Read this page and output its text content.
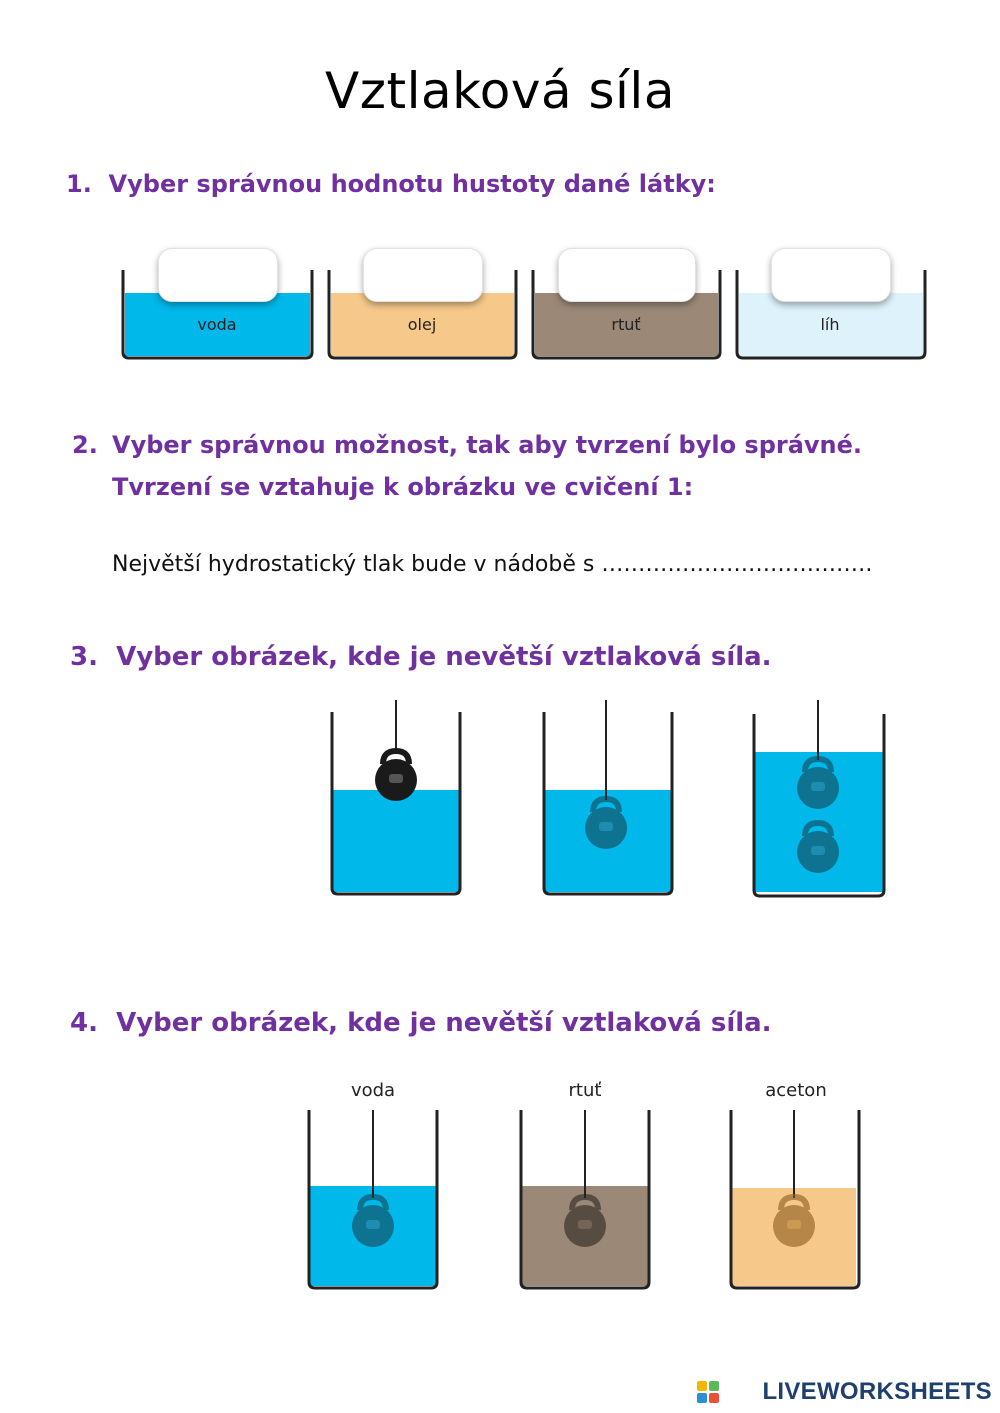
Vztlaková síla
1. Vyber správnou hodnotu hustoty dané látky:
voda	olej	rtuť	líh
voda	rtuť	aceton
2. Vyber správnou možnost, tak aby tvrzení bylo správné. Tvrzení se vztahuje k obrázku ve cvičení 1:
Největší hydrostatický tlak bude v nádobě s ……………………………….
3. Vyber obrázek, kde je nevětší vztlaková síla.
4. Vyber obrázek, kde je nevětší vztlaková síla.
LIVEWORKSHEETS
